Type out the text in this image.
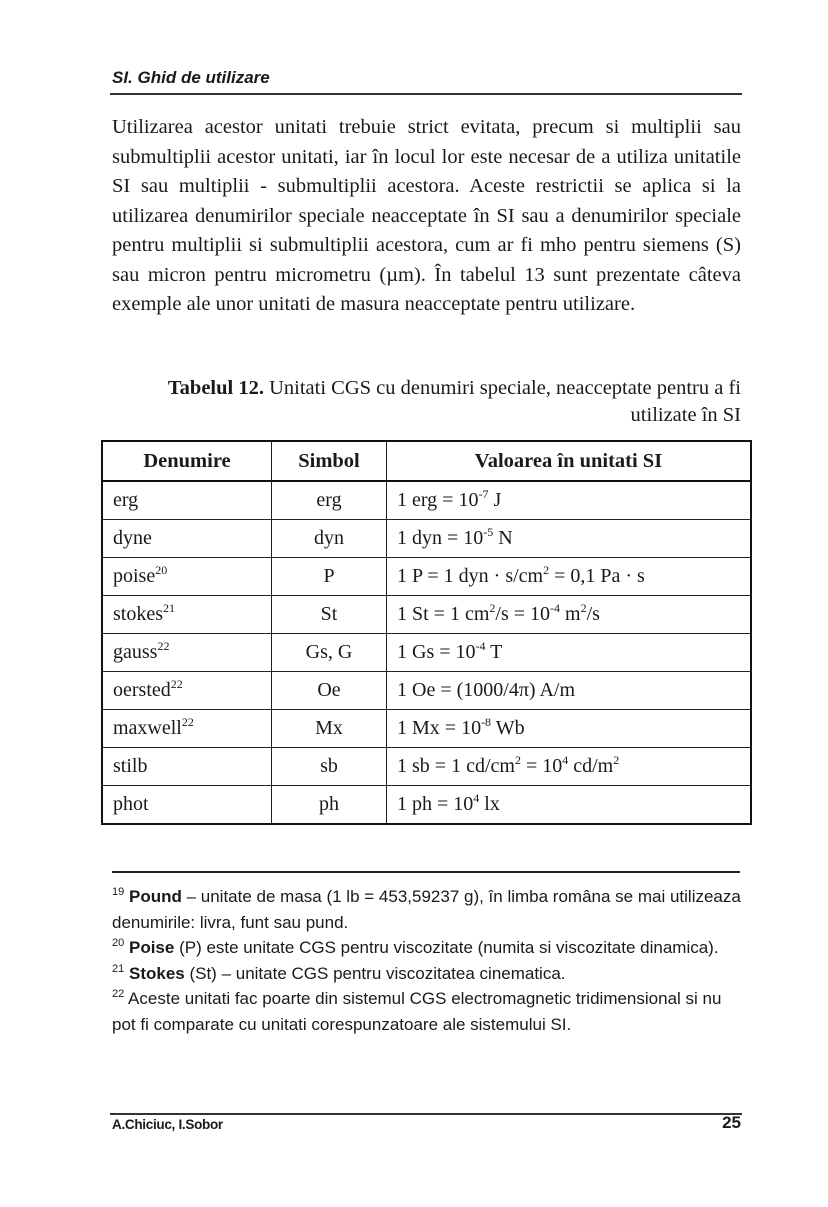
SI. Ghid de utilizare

Utilizarea acestor unitati trebuie strict evitata, precum si multiplii sau submultiplii acestor unitati, iar în locul lor este necesar de a utiliza unitatile SI sau multiplii - submultiplii acestora. Aceste restrictii se aplica si la utilizarea denumirilor speciale neacceptate în SI sau a denumirilor speciale pentru multiplii si submultiplii acestora, cum ar fi mho pentru siemens (S) sau micron pentru micrometru (µm). În tabelul 13 sunt prezentate câteva exemple ale unor unitati de masura neacceptate pentru utilizare.

Tabelul 12. Unitati CGS cu denumiri speciale, neacceptate pentru a fi utilizate în SI
Denumire	Simbol	Valoarea în unitati SI
erg	erg	1 erg = $10^{-7}$ J
dyne	dyn	1 dyn = $10^{-5}$ N
poise$^{20}$	P	1 P = 1 dyn · $s/cm^2 = 0,1$ Pa · s
stokes$^{21}$	St	1 St = 1 $cm^2/s = 10^{-4}$ $m^2/s$
gauss$^{22}$	Gs, G	1 $Gs = 10^{-4}$ T
oersted$^{22}$	Oe	1 Oe = (1000/4π) A/m
maxwell$^{22}$	Mx	1 $Mx = 10^{-8}$ Wb
stilb	sb	1 sb = 1 $cd/cm^2 = 10^4$ $cd/m^2$
phot	ph	1 ph = $10^4$ lx
$^{19}$ Pound – unitate de masa (1 lb = 453,59237 g), în limba româna se mai utilizeaza denumirile: livra, funt sau pund.
$^{20}$ Poise (P) este unitate CGS pentru viscozitate (numita si viscozitate dinamica).
$^{21}$ Stokes (St) – unitate CGS pentru viscozitatea cinematica.
$^{22}$ Aceste unitati fac poarte din sistemul CGS electromagnetic tridimensional si nu pot fi comparate cu unitati corespunzatoare ale sistemului SI.
A.Chiciuc, I.Sobor	25
